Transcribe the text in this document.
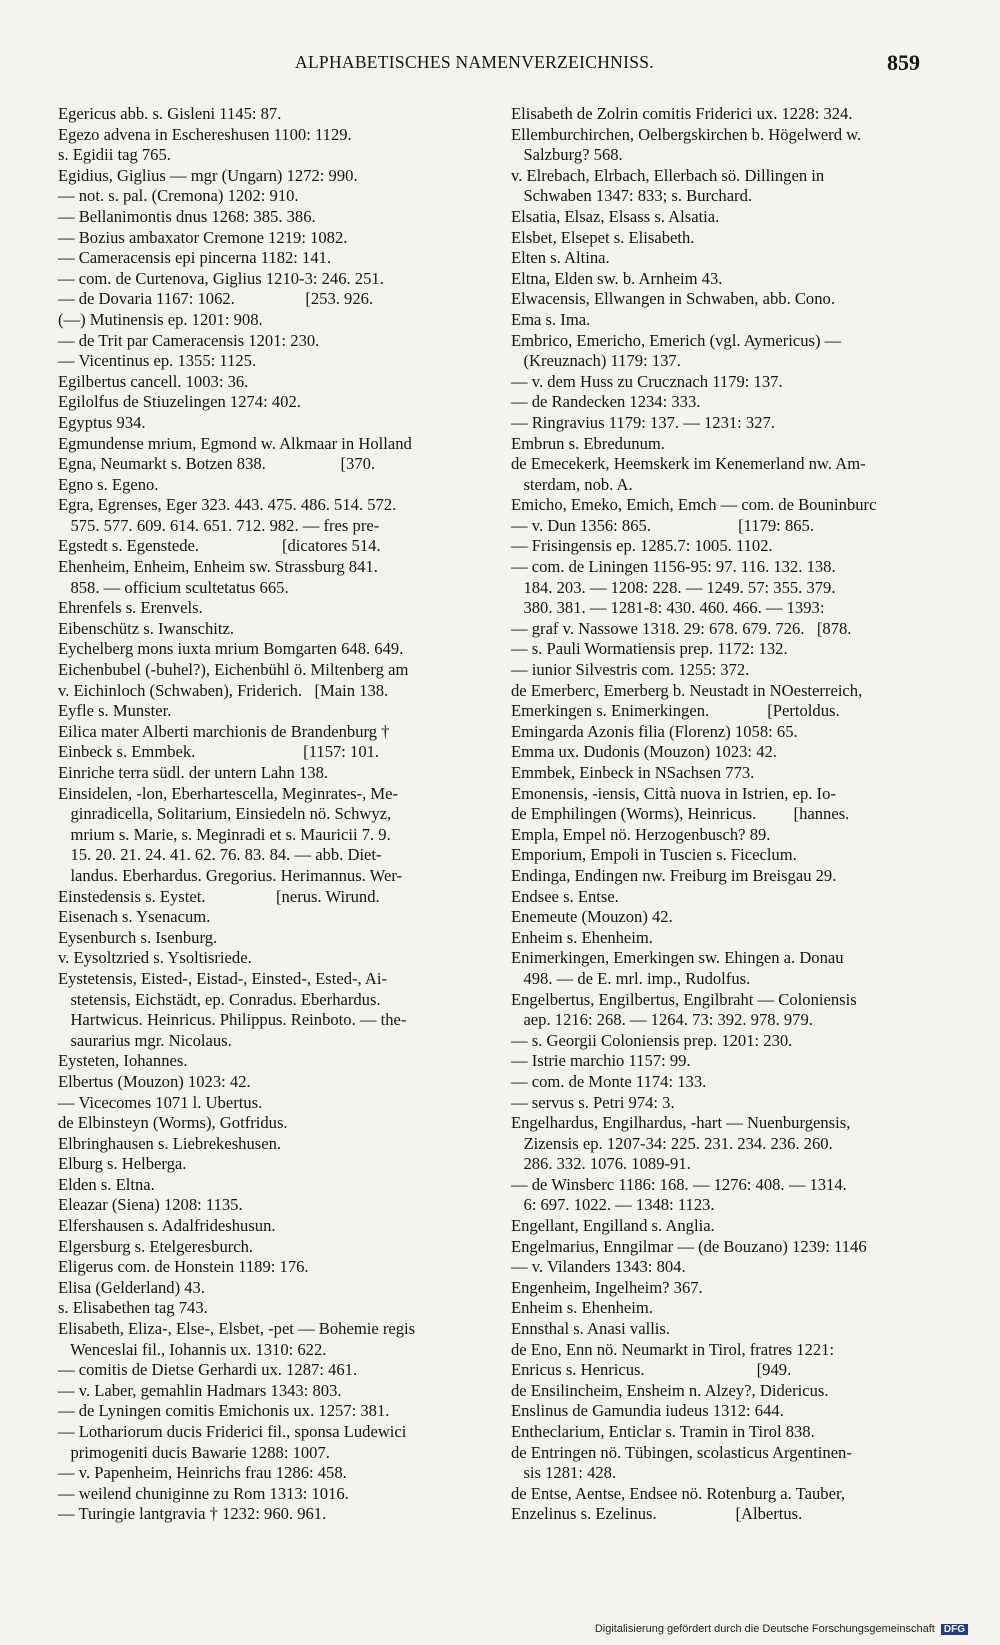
ALPHABETISCHES NAMENVERZEICHNISS.	859
Egericus abb. s. Gisleni 1145: 87.
Egezo advena in Eschereshusen 1100: 1129.
s. Egidii tag 765.
Egidius, Giglius — mgr (Ungarn) 1272: 990.
— not. s. pal. (Cremona) 1202: 910.
— Bellanimontis dnus 1268: 385. 386.
— Bozius ambaxator Cremone 1219: 1082.
— Cameracensis epi pincerna 1182: 141.
— com. de Curtenova, Giglius 1210-3: 246. 251.
— de Dovaria 1167: 1062.                 [253. 926.
(—) Mutinensis ep. 1201: 908.
— de Trit par Cameracensis 1201: 230.
— Vicentinus ep. 1355: 1125.
Egilbertus cancell. 1003: 36.
Egilolfus de Stiuzelingen 1274: 402.
Egyptus 934.
Egmundense mrium, Egmond w. Alkmaar in Holland
Egna, Neumarkt s. Botzen 838.                  [370.
Egno s. Egeno.
Egra, Egrenses, Eger 323. 443. 475. 486. 514. 572.
575. 577. 609. 614. 651. 712. 982. — fres pre-
Egstedt s. Egenstede.                    [dicatores 514.
Ehenheim, Enheim, Enheim sw. Strassburg 841.
858. — officium scultetatus 665.
Ehrenfels s. Erenvels.
Eibenschütz s. Iwanschitz.
Eychelberg mons iuxta mrium Bomgarten 648. 649.
Eichenbubel (-buhel?), Eichenbühl ö. Miltenberg am
v. Eichinloch (Schwaben), Friderich.   [Main 138.
Eyfle s. Munster.
Eilica mater Alberti marchionis de Brandenburg †
Einbeck s. Emmbek.                          [1157: 101.
Einriche terra südl. der untern Lahn 138.
Einsidelen, -lon, Eberhartescella, Meginrates-, Me-
ginradicella, Solitarium, Einsiedeln nö. Schwyz,
mrium s. Marie, s. Meginradi et s. Mauricii 7. 9.
15. 20. 21. 24. 41. 62. 76. 83. 84. — abb. Diet-
landus. Eberhardus. Gregorius. Herimannus. Wer-
Einstedensis s. Eystet.                 [nerus. Wirund.
Eisenach s. Ysenacum.
Eysenburch s. Isenburg.
v. Eysoltzried s. Ysoltisriede.
Eystetensis, Eisted-, Eistad-, Einsted-, Ested-, Ai-
stetensis, Eichstädt, ep. Conradus. Eberhardus.
Hartwicus. Heinricus. Philippus. Reinboto. — the-
saurarius mgr. Nicolaus.
Eysteten, Iohannes.
Elbertus (Mouzon) 1023: 42.
— Vicecomes 1071 l. Ubertus.
de Elbinsteyn (Worms), Gotfridus.
Elbringhausen s. Liebrekeshusen.
Elburg s. Helberga.
Elden s. Eltna.
Eleazar (Siena) 1208: 1135.
Elfershausen s. Adalfrideshusun.
Elgersburg s. Etelgeresburch.
Eligerus com. de Honstein 1189: 176.
Elisa (Gelderland) 43.
s. Elisabethen tag 743.
Elisabeth, Eliza-, Else-, Elsbet, -pet — Bohemie regis
Wenceslai fil., Iohannis ux. 1310: 622.
— comitis de Dietse Gerhardi ux. 1287: 461.
— v. Laber, gemahlin Hadmars 1343: 803.
— de Lyningen comitis Emichonis ux. 1257: 381.
— Lothariorum ducis Friderici fil., sponsa Ludewici
primogeniti ducis Bawarie 1288: 1007.
— v. Papenheim, Heinrichs frau 1286: 458.
— weilend chuniginne zu Rom 1313: 1016.
— Turingie lantgravia † 1232: 960. 961.
Elisabeth de Zolrin comitis Friderici ux. 1228: 324.
Ellemburchirchen, Oelbergskirchen b. Högelwerd w.
Salzburg? 568.
v. Elrebach, Elrbach, Ellerbach sö. Dillingen in
Schwaben 1347: 833; s. Burchard.
Elsatia, Elsaz, Elsass s. Alsatia.
Elsbet, Elsepet s. Elisabeth.
Elten s. Altina.
Eltna, Elden sw. b. Arnheim 43.
Elwacensis, Ellwangen in Schwaben, abb. Cono.
Ema s. Ima.
Embrico, Emericho, Emerich (vgl. Aymericus) —
(Kreuznach) 1179: 137.
— v. dem Huss zu Crucznach 1179: 137.
— de Randecken 1234: 333.
— Ringravius 1179: 137. — 1231: 327.
Embrun s. Ebredunum.
de Emecekerk, Heemskerk im Kenemerland nw. Am-
sterdam, nob. A.
Emicho, Emeko, Emich, Emch — com. de Bouninburc
— v. Dun 1356: 865.                     [1179: 865.
— Frisingensis ep. 1285.7: 1005. 1102.
— com. de Liningen 1156-95: 97. 116. 132. 138.
184. 203. — 1208: 228. — 1249. 57: 355. 379.
380. 381. — 1281-8: 430. 460. 466. — 1393:
— graf v. Nassowe 1318. 29: 678. 679. 726.   [878.
— s. Pauli Wormatiensis prep. 1172: 132.
— iunior Silvestris com. 1255: 372.
de Emerberc, Emerberg b. Neustadt in NOesterreich,
Emerkingen s. Enimerkingen.              [Pertoldus.
Emingarda Azonis filia (Florenz) 1058: 65.
Emma ux. Dudonis (Mouzon) 1023: 42.
Emmbek, Einbeck in NSachsen 773.
Emonensis, -iensis, Città nuova in Istrien, ep. Io-
de Emphilingen (Worms), Heinricus.         [hannes.
Empla, Empel nö. Herzogenbusch? 89.
Emporium, Empoli in Tuscien s. Ficeclum.
Endinga, Endingen nw. Freiburg im Breisgau 29.
Endsee s. Entse.
Enemeute (Mouzon) 42.
Enheim s. Ehenheim.
Enimerkingen, Emerkingen sw. Ehingen a. Donau
498. — de E. mrl. imp., Rudolfus.
Engelbertus, Engilbertus, Engilbraht — Coloniensis
aep. 1216: 268. — 1264. 73: 392. 978. 979.
— s. Georgii Coloniensis prep. 1201: 230.
— Istrie marchio 1157: 99.
— com. de Monte 1174: 133.
— servus s. Petri 974: 3.
Engelhardus, Engilhardus, -hart — Nuenburgensis,
Zizensis ep. 1207-34: 225. 231. 234. 236. 260.
286. 332. 1076. 1089-91.
— de Winsberc 1186: 168. — 1276: 408. — 1314.
6: 697. 1022. — 1348: 1123.
Engellant, Engilland s. Anglia.
Engelmarius, Enngilmar — (de Bouzano) 1239: 1146
— v. Vilanders 1343: 804.
Engenheim, Ingelheim? 367.
Enheim s. Ehenheim.
Ennsthal s. Anasi vallis.
de Eno, Enn nö. Neumarkt in Tirol, fratres 1221:
Enricus s. Henricus.                           [949.
de Ensilincheim, Ensheim n. Alzey?, Didericus.
Enslinus de Gamundia iudeus 1312: 644.
Entheclarium, Enticlar s. Tramin in Tirol 838.
de Entringen nö. Tübingen, scolasticus Argentinen-
sis 1281: 428.
de Entse, Aentse, Endsee nö. Rotenburg a. Tauber,
Enzelinus s. Ezelinus.                   [Albertus.
Digitalisierung gefördert durch die Deutsche Forschungsgemeinschaft DFG
